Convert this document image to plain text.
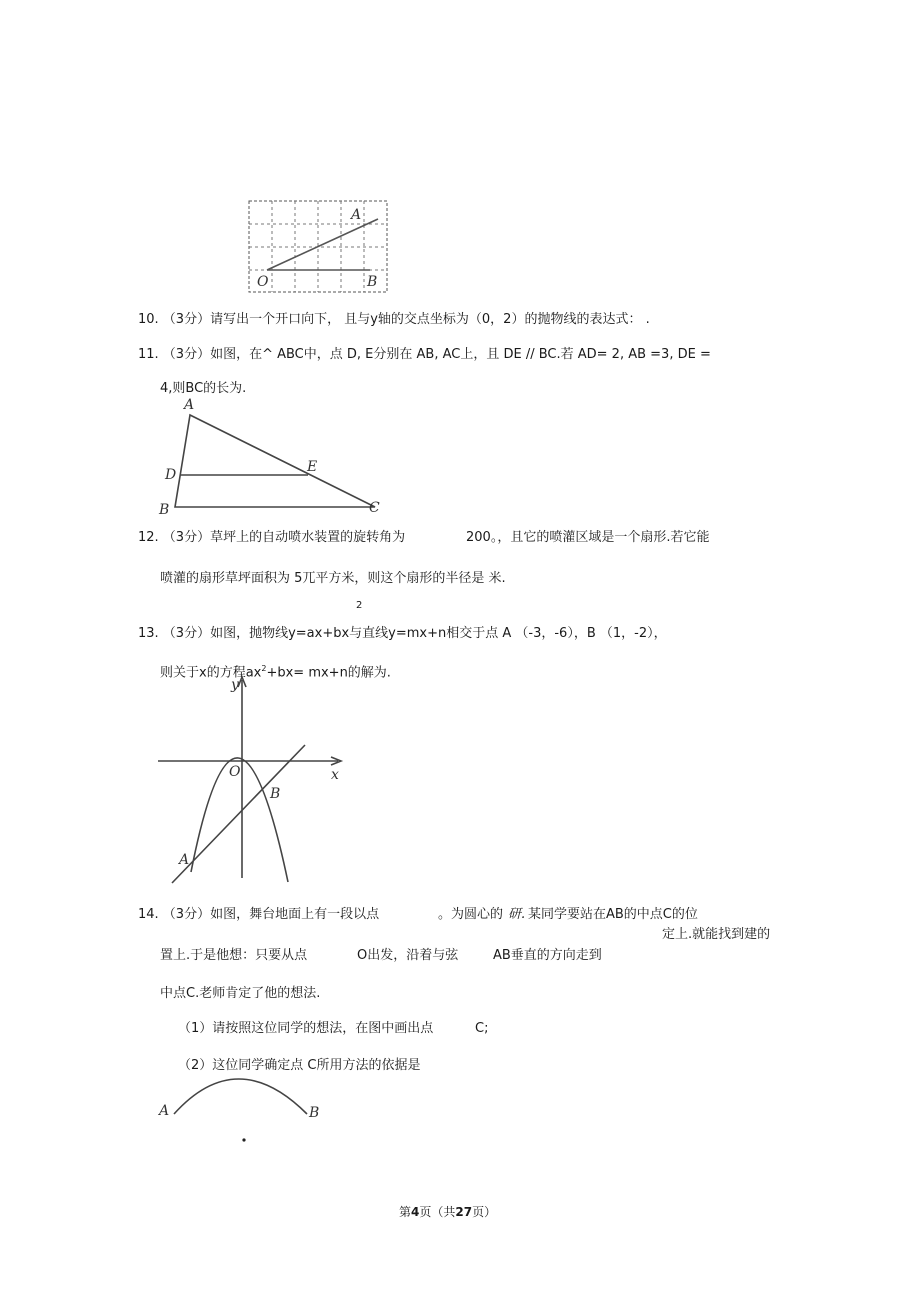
A
O	B
10. （3分）请写出一个开口向下， 且与y轴的交点坐标为（0，2）的抛物线的表达式： .
11. （3分）如图，在^ ABC中，点 D, E分别在 AB, AC上，且 DE // BC.若 AD= 2, AB =3, DE =
4,则BC的长为.
A
D	E
B	C
12. （3分）草坪上的自动喷水装置的旋转角为	200。，且它的喷灌区域是一个扇形.若它能
喷灌的扇形草坪面积为 5兀平方米，则这个扇形的半径是 米.
2
13. （3分）如图，抛物线y=ax+bx与直线y=mx+n相交于点 A （-3，-6），B （1，-2），
则关于x的方程$ax^2+bx= mx+n$的解为.
y
O	x
B
A
14. （3分）如图，舞台地面上有一段以点	。为圆心的 研. 某同学要站在AB的中点C的位
定上.就能找到建的
置上.于是他想：只要从点	O出发，沿着与弦	AB垂直的方向走到
中点C.老师肯定了他的想法.
（1）请按照这位同学的想法，在图中画出点	C;
（2）这位同学确定点 C所用方法的依据是
A	B
第4页（共27页）
